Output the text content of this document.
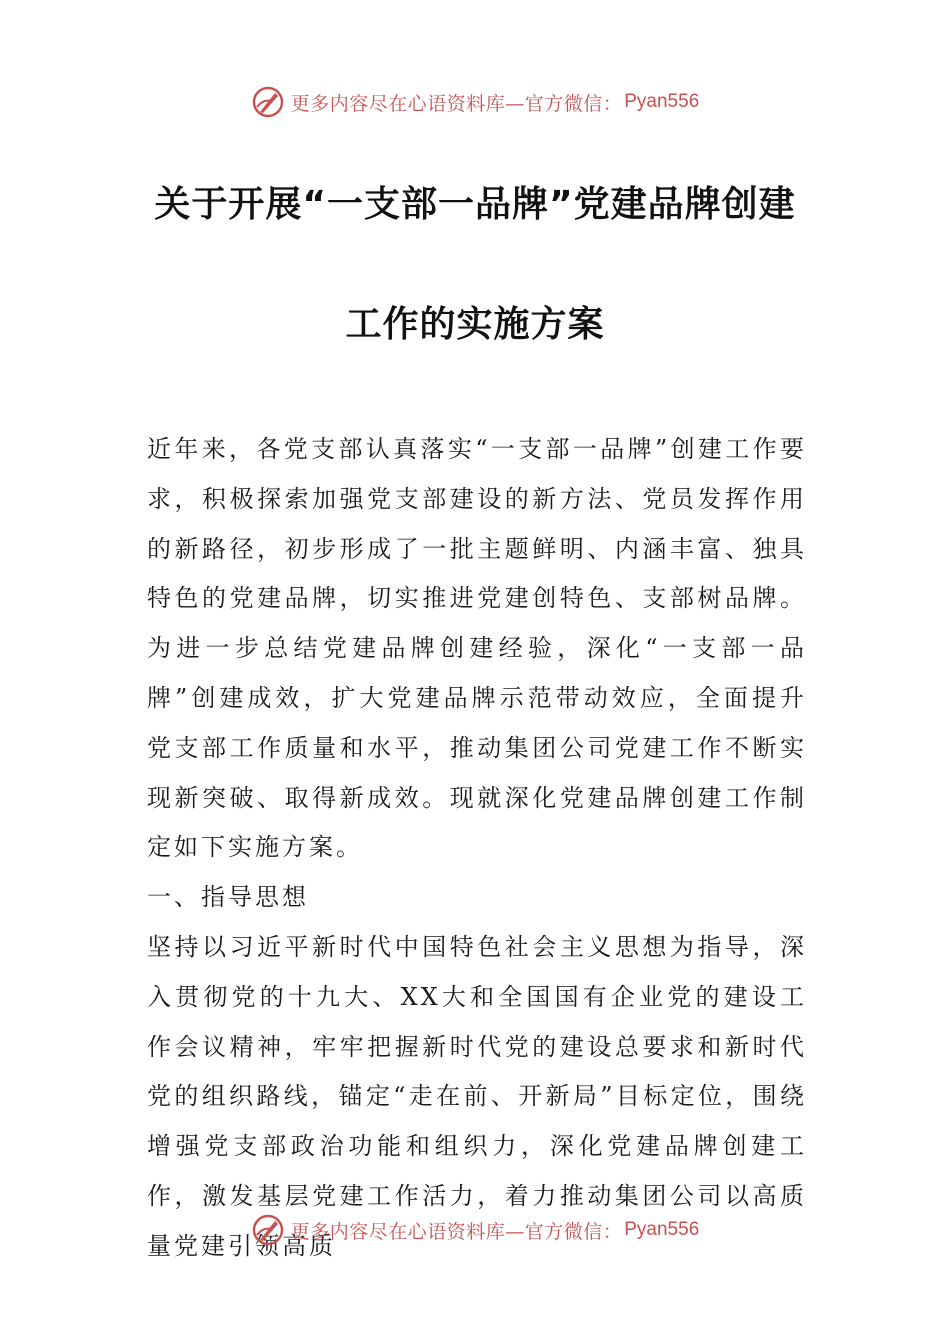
更多内容尽在心语资料库—官方微信： Pyan556
关于开展“一支部一品牌”党建品牌创建
工作的实施方案

近年来，各党支部认真落实“一支部一品牌”创建工作要求，积极探索加强党支部建设的新方法、党员发挥作用的新路径，初步形成了一批主题鲜明、内涵丰富、独具特色的党建品牌，切实推进党建创特色、支部树品牌。为进一步总结党建品牌创建经验，深化“一支部一品牌”创建成效，扩大党建品牌示范带动效应，全面提升党支部工作质量和水平，推动集团公司党建工作不断实现新突破、取得新成效。现就深化党建品牌创建工作制定如下实施方案。

一、指导思想

坚持以习近平新时代中国特色社会主义思想为指导，深入贯彻党的十九大、XX大和全国国有企业党的建设工作会议精神，牢牢把握新时代党的建设总要求和新时代党的组织路线，锚定“走在前、开新局”目标定位，围绕增强党支部政治功能和组织力，深化党建品牌创建工作，激发基层党建工作活力，着力推动集团公司以高质量党建引领高质

更多内容尽在心语资料库—官方微信： Pyan556
